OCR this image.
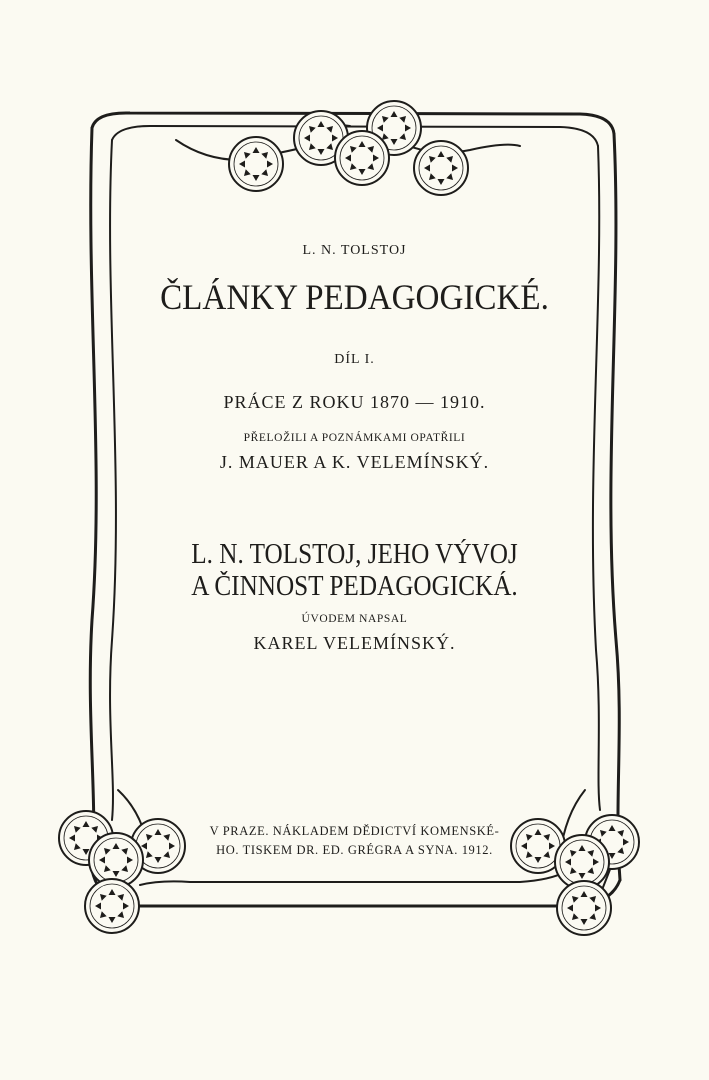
L. N. TOLSTOJ
ČLÁNKY PEDAGOGICKÉ.
DÍL I.
PRÁCE Z ROKU 1870 — 1910.
PŘELOŽILI A POZNÁMKAMI OPATŘILI
J. MAUER A K. VELEMÍNSKÝ.
L. N. TOLSTOJ, JEHO VÝVOJ
A ČINNOST PEDAGOGICKÁ.
ÚVODEM NAPSAL
KAREL VELEMÍNSKÝ.
V PRAZE. NÁKLADEM DĚDICTVÍ KOMENSKÉ-
HO. TISKEM DR. ED. GRÉGRA A SYNA. 1912.
